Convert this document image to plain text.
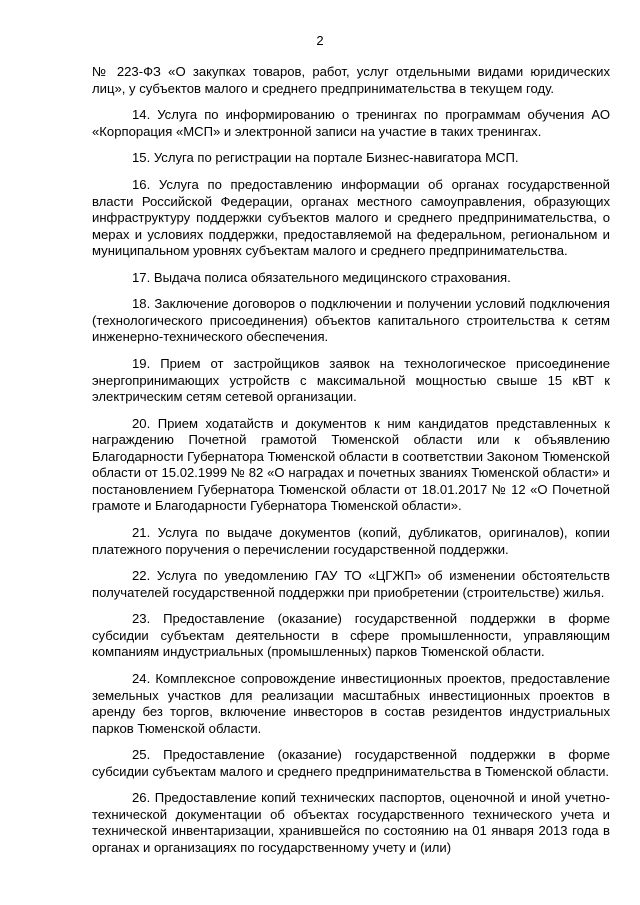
2

№ 223-ФЗ «О закупках товаров, работ, услуг отдельными видами юридических лиц», у субъектов малого и среднего предпринимательства в текущем году.

14. Услуга по информированию о тренингах по программам обучения АО «Корпорация «МСП» и электронной записи на участие в таких тренингах.

15. Услуга по регистрации на портале Бизнес-навигатора МСП.

16. Услуга по предоставлению информации об органах государственной власти Российской Федерации, органах местного самоуправления, образующих инфраструктуру поддержки субъектов малого и среднего предпринимательства, о мерах и условиях поддержки, предоставляемой на федеральном, региональном и муниципальном уровнях субъектам малого и среднего предпринимательства.

17. Выдача полиса обязательного медицинского страхования.

18. Заключение договоров о подключении и получении условий подключения (технологического присоединения) объектов капитального строительства к сетям инженерно-технического обеспечения.

19. Прием от застройщиков заявок на технологическое присоединение энергопринимающих устройств с максимальной мощностью свыше 15 кВТ к электрическим сетям сетевой организации.

20. Прием ходатайств и документов к ним кандидатов представленных к награждению Почетной грамотой Тюменской области или к объявлению Благодарности Губернатора Тюменской области в соответствии Законом Тюменской области от 15.02.1999 № 82 «О наградах и почетных званиях Тюменской области» и постановлением Губернатора Тюменской области от 18.01.2017 № 12 «О Почетной грамоте и Благодарности Губернатора Тюменской области».

21. Услуга по выдаче документов (копий, дубликатов, оригиналов), копии платежного поручения о перечислении государственной поддержки.

22. Услуга по уведомлению ГАУ ТО «ЦГЖП» об изменении обстоятельств получателей государственной поддержки при приобретении (строительстве) жилья.

23. Предоставление (оказание) государственной поддержки в форме субсидии субъектам деятельности в сфере промышленности, управляющим компаниям индустриальных (промышленных) парков Тюменской области.

24. Комплексное сопровождение инвестиционных проектов, предоставление земельных участков для реализации масштабных инвестиционных проектов в аренду без торгов, включение инвесторов в состав резидентов индустриальных парков Тюменской области.

25. Предоставление (оказание) государственной поддержки в форме субсидии субъектам малого и среднего предпринимательства в Тюменской области.

26. Предоставление копий технических паспортов, оценочной и иной учетно-технической документации об объектах государственного технического учета и технической инвентаризации, хранившейся по состоянию на 01 января 2013 года в органах и организациях по государственному учету и (или)
